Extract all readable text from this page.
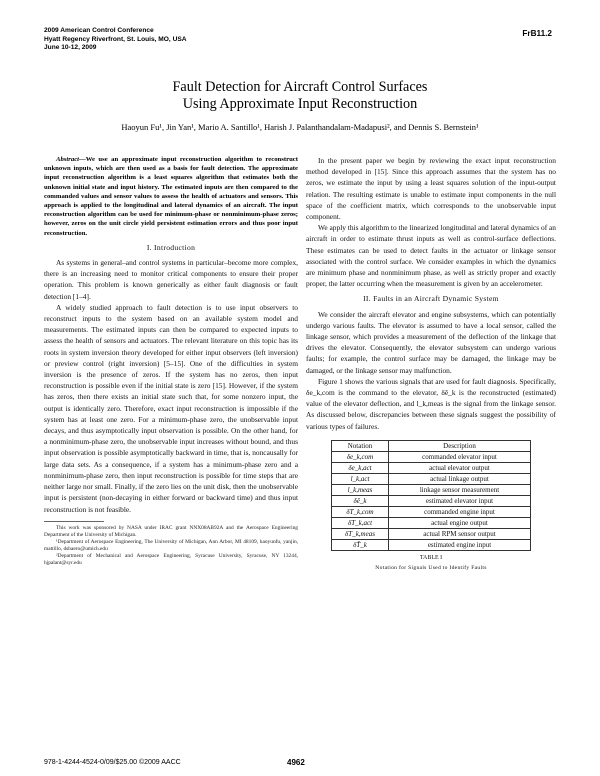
2009 American Control Conference
Hyatt Regency Riverfront, St. Louis, MO, USA
June 10-12, 2009
FrB11.2
Fault Detection for Aircraft Control Surfaces
Using Approximate Input Reconstruction
Haoyun Fu¹, Jin Yan¹, Mario A. Santillo¹, Harish J. Palanthandalam-Madapusi², and Dennis S. Bernstein¹

Abstract—We use an approximate input reconstruction algorithm to reconstruct unknown inputs, which are then used as a basis for fault detection. The approximate input reconstruction algorithm is a least squares algorithm that estimates both the unknown initial state and input history. The estimated inputs are then compared to the commanded values and sensor values to assess the health of actuators and sensors. This approach is applied to the longitudinal and lateral dynamics of an aircraft. The input reconstruction algorithm can be used for minimum-phase or nonminimum-phase zeros; however, zeros on the unit circle yield persistent estimation errors and thus poor input reconstruction.

I. Introduction

As systems in general–and control systems in particular–become more complex, there is an increasing need to monitor critical components to ensure their proper operation. This problem is known generically as either fault diagnosis or fault detection [1–4].

A widely studied approach to fault detection is to use input observers to reconstruct inputs to the system based on an available system model and measurements. The estimated inputs can then be compared to expected inputs to assess the health of sensors and actuators. The relevant literature on this topic has its roots in system inversion theory developed for either input observers (left inversion) or preview control (right inversion) [5–15]. One of the difficulties in system inversion is the presence of zeros. If the system has no zeros, then input reconstruction is possible even if the initial state is zero [15]. However, if the system has zeros, then there exists an initial state such that, for some nonzero input, the output is identically zero. Therefore, exact input reconstruction is impossible if the system has at least one zero. For a minimum-phase zero, the unobservable input decays, and thus asymptotically input observation is possible. On the other hand, for a nonminimum-phase zero, the unobservable input increases without bound, and thus input observation is possible asymptotically backward in time, that is, noncausally for large data sets. As a consequence, if a system has a minimum-phase zero and a nonminimum-phase zero, then input reconstruction is possible for time steps that are neither large nor small. Finally, if the zero lies on the unit disk, then the unobservable input is persistent (non-decaying in either forward or backward time) and thus input reconstruction is not feasible.

This work was sponsored by NASA under IRAC grant NNX08AB92A and the Aerospace Engineering Department of the University of Michigan.

¹Department of Aerospace Engineering, The University of Michigan, Ann Arbor, MI 48109, haoyunfu, yanjin, mattillo, dsbaero@umich.edu

²Department of Mechanical and Aerospace Engineering, Syracuse University, Syracuse, NY 13244, hjpalant@syr.edu

In the present paper we begin by reviewing the exact input reconstruction method developed in [15]. Since this approach assumes that the system has no zeros, we estimate the input by using a least squares solution of the input-output relation. The resulting estimate is unable to estimate input components in the null space of the coefficient matrix, which corresponds to the unobservable input component.

We apply this algorithm to the linearized longitudinal and lateral dynamics of an aircraft in order to estimate thrust inputs as well as control-surface deflections. These estimates can be used to detect faults in the actuator or linkage sensor associated with the control surface. We consider examples in which the dynamics are minimum phase and nonminimum phase, as well as strictly proper and exactly proper, the latter occurring when the measurement is given by an accelerometer.

II. Faults in an Aircraft Dynamic System

We consider the aircraft elevator and engine subsystems, which can potentially undergo various faults. The elevator is assumed to have a local sensor, called the linkage sensor, which provides a measurement of the deflection of the linkage that drives the elevator. Consequently, the elevator subsystem can undergo various faults; for example, the control surface may be damaged, the linkage may be damaged, or the linkage sensor may malfunction.

Figure 1 shows the various signals that are used for fault diagnosis. Specifically, δe_k,com is the command to the elevator, δê_k is the reconstructed (estimated) value of the elevator deflection, and l_k,meas is the signal from the linkage sensor. As discussed below, discrepancies between these signals suggest the possibility of various types of failures.

Notation	Description
δe_k,com	commanded elevator input
δe_k,act	actual elevator output
l_k,act	actual linkage output
l_k,meas	linkage sensor measurement
δê_k	estimated elevator input
δT_k,com	commanded engine input
δT_k,act	actual engine output
δT_k,meas	actual RPM sensor output
δT̂_k	estimated engine input
TABLE I
Notation for Signals Used to Identify Faults
978-1-4244-4524-0/09/$25.00 ©2009 AACC	4962
